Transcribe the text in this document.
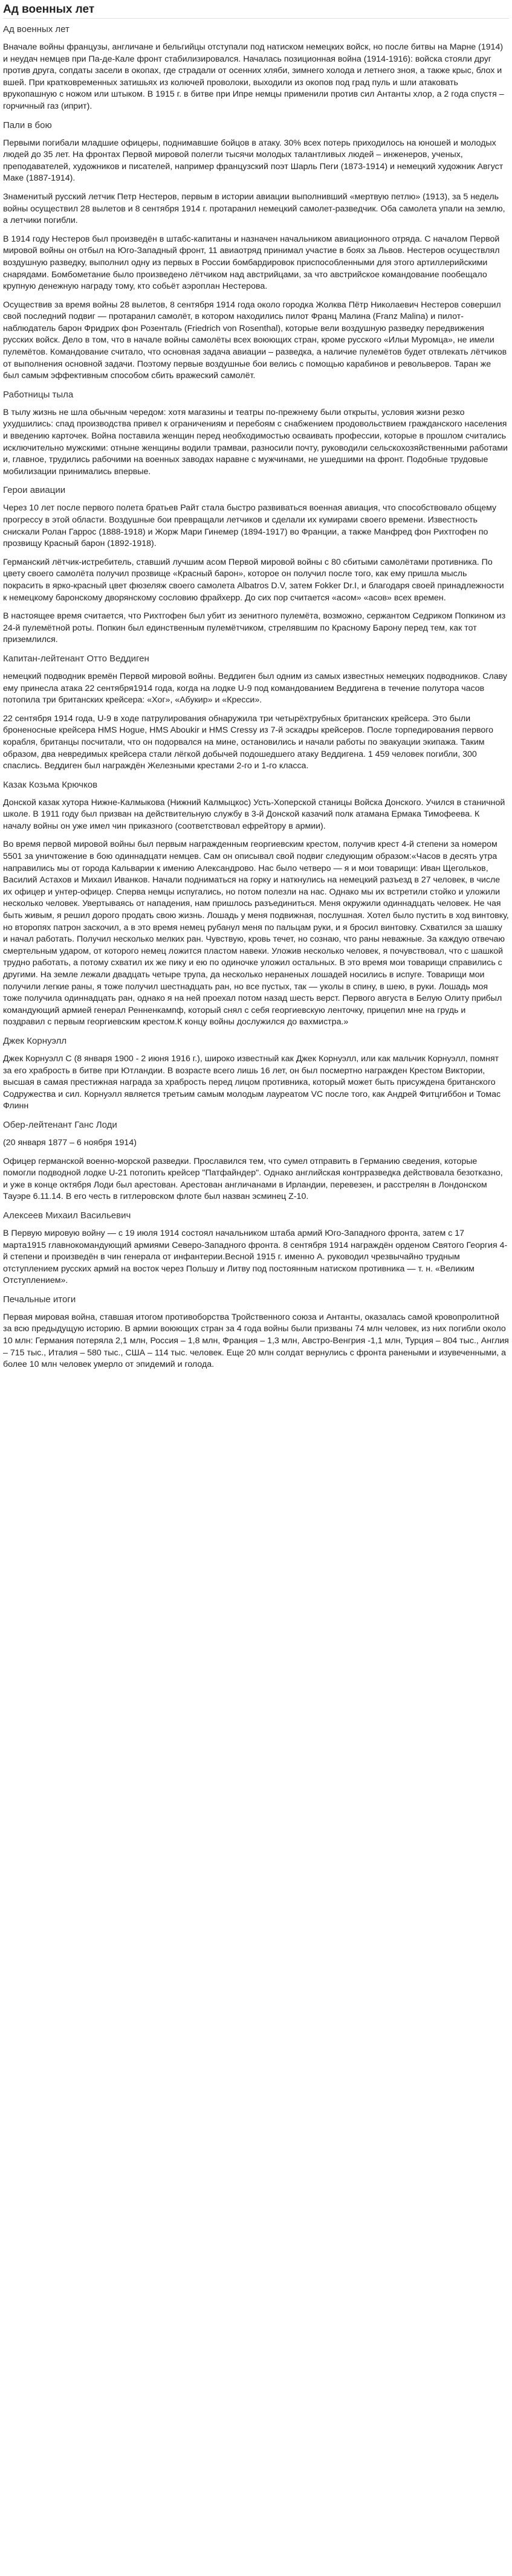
Ад военных лет
Ад военных лет

Вначале войны французы, англичане и бельгийцы отступали под натиском немецких войск, но после битвы на Марне (1914) и неудач немцев при Па-де-Кале фронт стабилизировался. Началась позиционная война (1914-1916): войска стояли друг против друга, сопдаты засели в окопах, где страдали от осенних хляби, зимнего холода и летнего зноя, а также крыс, блох и вшей. При кратковременных затишьях из колючей проволоки, выходили из окопов под град пуль и шли атаковать врукопашную с ножом или штыком. В 1915 г. в битве при Ипре немцы применили против сил Антанты хлор, а 2 года спустя – горчичный газ (иприт).

Пали в бою

Первыми погибали младшие офицеры, поднимавшие бойцов в атаку. 30% всех потерь приходилось на юношей и молодых людей до 35 лет. На фронтах Первой мировой полегли тысячи молодых талантливых людей – инженеров, ученых, преподавателей, художников и писателей, например французский поэт Шарль Пеги (1873-1914) и немецкий художник Август Маке (1887-1914).

Знаменитый русский летчик Петр Нестеров, первым в истории авиации выполнивший «мертвую петлю» (1913), за 5 недель войны осуществил 28 вылетов и 8 сентября 1914 г. протаранил немецкий самолет-разведчик. Оба самолета упали на землю, а летчики погибли.

В 1914 году Нестеров был произведён в штабс-капитаны и назначен начальником авиационного отряда. С началом Первой мировой войны он отбыл на Юго-Западный фронт, 11 авиаотряд принимал участие в боях за Львов. Нестеров осуществлял воздушную разведку, выполнил одну из первых в России бомбардировок приспособленными для этого артиллерийскими снарядами. Бомбометание было произведено лётчиком над австрийцами, за что австрийское командование пообещало крупную денежную награду тому, кто собьёт аэроплан Нестерова.

Осуществив за время войны 28 вылетов, 8 сентября 1914 года около городка Жолква Пётр Николаевич Нестеров совершил свой последний подвиг — протаранил самолёт, в котором находились пилот Франц Малина (Franz Malina) и пилот-наблюдатель барон Фридрих фон Розенталь (Friedrich von Rosenthal), которые вели воздушную разведку передвижения русских войск. Дело в том, что в начале войны самолёты всех воюющих стран, кроме русского «Ильи Муромца», не имели пулемётов. Командование считало, что основная задача авиации – разведка, а наличие пулемётов будет отвлекать лётчиков от выполнения основной задачи. Поэтому первые воздушные бои велись с помощью карабинов и револьверов. Таран же был самым эффективным способом сбить вражеский самолёт.

Работницы тыла

В тылу жизнь не шла обычным чередом: хотя магазины и театры по-прежнему были открыты, условия жизни резко ухудшились: спад производства привел к ограничениям и перебоям с снабжением продовольствием гражданского населения и введению карточек. Война поставила женщин перед необходимостью осваивать профессии, которые в прошлом считались исключительно мужскими: отныне женщины водили трамваи, разносили почту, руководили сельскохозяйственными работами и, главное, трудились рабочими на военных заводах наравне с мужчинами, не ушедшими на фронт. Подобные трудовые мобилизации принимались впервые.

Герои авиации

Через 10 лет после первого полета братьев Райт стала быстро развиваться военная авиация, что способствовало общему прогрессу в этой области. Воздушные бои превращали летчиков и сделали их кумирами своего времени. Известность снискали Ролан Гаррос (1888-1918) и Жорж Мари Гинемер (1894-1917) во Франции, а также Манфред фон Рихтгофен по прозвищу Красный барон (1892-1918).

Германский лётчик-истребитель, ставший лучшим асом Первой мировой войны с 80 сбитыми самолётами противника. По цвету своего самолёта получил прозвище «Красный барон», которое он получил после того, как ему пришла мысль покрасить в ярко-красный цвет фюзеляж своего самолета Albatros D.V, затем Fokker Dr.I, и благодаря своей принадлежности к немецкому баронскому дворянскому сословию фрайхерр. До сих пор считается «асом» «асов» всех времен.

В настоящее время считается, что Рихтгофен был убит из зенитного пулемёта, возможно, сержантом Седриком Попкином из 24-й пулемётной роты. Попкин был единственным пулемётчиком, стрелявшим по Красному Барону перед тем, как тот приземлился.

Капитан-лейтенант Отто Веддиген

немецкий подводник времён Первой мировой войны. Веддиген был одним из самых известных немецких подводников. Славу ему принесла атака 22 сентября1914 года, когда на лодке U-9 под командованием Веддигена в течение полутора часов потопила три британских крейсера: «Хог», «Абукир» и «Кресси».

22 сентября 1914 года, U-9 в ходе патрулирования обнаружила три четырёхтрубных британских крейсера. Это были броненосные крейсера HMS Hogue, HMS Aboukir и HMS Cressy из 7-й эскадры крейсеров. После торпедирования первого корабля, британцы посчитали, что он подорвался на мине, остановились и начали работы по эвакуации экипажа. Таким образом, два невредимых крейсера стали лёгкой добычей подошедшего атаку Веддигена. 1 459 человек погибли, 300 спаслись. Веддиген был награждён Железными крестами 2-го и 1-го класса.

Казак Козьма Крючков

Донской казак хутора Нижне-Калмыкова (Нижний Калмыцкос) Усть-Хоперской станицы Войска Донского. Учился в станичной школе. В 1911 году был призван на действительную службу в 3-й Донской казачий полк атамана Ермака Тимофеева. К началу войны он уже имел чин приказного (соответствовал ефрейтору в армии).

Во время первой мировой войны был первым награжденным георгиевским крестом, получив крест 4-й степени за номером 5501 за уничтожение в бою одиннадцати немцев. Сам он описывал свой подвиг следующим образом:«Часов в десять утра направились мы от города Кальварии к имению Александрово. Нас было четверо — я и мои товарищи: Иван Щегольков, Василий Астахов и Михаил Иванков. Начали подниматься на горку и наткнулись на немецкий разъезд в 27 человек, в числе их офицер и унтер-офицер. Сперва немцы испугались, но потом полезли на нас. Однако мы их встретили стойко и уложили несколько человек. Увертываясь от нападения, нам пришлось разъединиться. Меня окружили одиннадцать человек. Не чая быть живым, я решил дорого продать свою жизнь. Лошадь у меня подвижная, послушная. Хотел было пустить в ход винтовку, но второпях патрон заскочил, а в это время немец рубанул меня по пальцам руки, и я бросил винтовку. Схватился за шашку и начал работать. Получил несколько мелких ран. Чувствую, кровь течет, но сознаю, что раны неважные. За каждую отвечаю смертельным ударом, от которого немец ложится пластом навеки. Уложив несколько человек, я почувствовал, что с шашкой трудно работать, а потому схватил их же пику и ею по одиночке уложил остальных. В это время мои товарищи справились с другими. На земле лежали двадцать четыре трупа, да несколько нераненых лошадей носились в испуге. Товарищи мои получили легкие раны, я тоже получил шестнадцать ран, но все пустых, так — уколы в спину, в шею, в руки. Лошадь моя тоже получила одиннадцать ран, однако я на ней проехал потом назад шесть верст. Первого августа в Белую Олиту прибыл командующий армией генерал Ренненкампф, который снял с себя георгиевскую ленточку, прицепил мне на грудь и поздравил с первым георгиевским крестом.К концу войны дослужился до вахмистра.»

Джек Корнуэлл

Джек Корнуэлл С (8 января 1900 - 2 июня 1916 г.), широко известный как Джек Корнуэлл, или как мальчик Корнуэлл, помнят за его храбрость в битве при Ютландии. В возрасте всего лишь 16 лет, он был посмертно награжден Крестом Виктории, высшая в самая престижная награда за храбрость перед лицом противника, который может быть присуждена британского Содружества и сил. Корнуэлл является третьим самым молодым лауреатом VC после того, как Андрей Фитцгиббон и Томас Флинн

Обер-лейтенант Ганс Лоди

(20 января 1877 – 6 ноября 1914)

Офицер германской военно-морской разведки. Прославился тем, что сумел отправить в Германию сведения, которые помогли подводной лодке U-21 потопить крейсер "Патфайндер". Однако английская контрразведка действовала безотказно, и уже в конце октября Лоди был арестован. Арестован англичанами в Ирландии, перевезен, и расстрелян в Лондонском Тауэре 6.11.14. В его честь в гитлеровском флоте был назван эсминец Z-10.

Алексеев Михаил Васильевич

В Первую мировую войну — с 19 июля 1914 состоял начальником штаба армий Юго-Западного фронта, затем с 17 марта1915 главнокомандующий армиями Северо-Западного фронта. 8 сентября 1914 награждён орденом Святого Георгия 4-й степени и произведён в чин генерала от инфантерии.Весной 1915 г. именно А. руководил чрезвычайно трудным отступлением русских армий на восток через Польшу и Литву под постоянным натиском противника — т. н. «Великим Отступлением».

Печальные итоги

Первая мировая война, ставшая итогом противоборства Тройственного союза и Антанты, оказалась самой кровопролитной за всю предыдущую историю. В армии воюющих стран за 4 года войны были призваны 74 млн человек, из них погибли около 10 млн: Германия потеряла 2,1 млн, Россия – 1,8 млн, Франция – 1,3 млн, Австро-Венгрия -1,1 млн, Турция – 804 тыс., Англия – 715 тыс., Италия – 580 тыс., США – 114 тыс. человек. Еще 20 млн солдат вернулись с фронта ранеными и изувеченными, а более 10 млн человек умерло от эпидемий и голода.
